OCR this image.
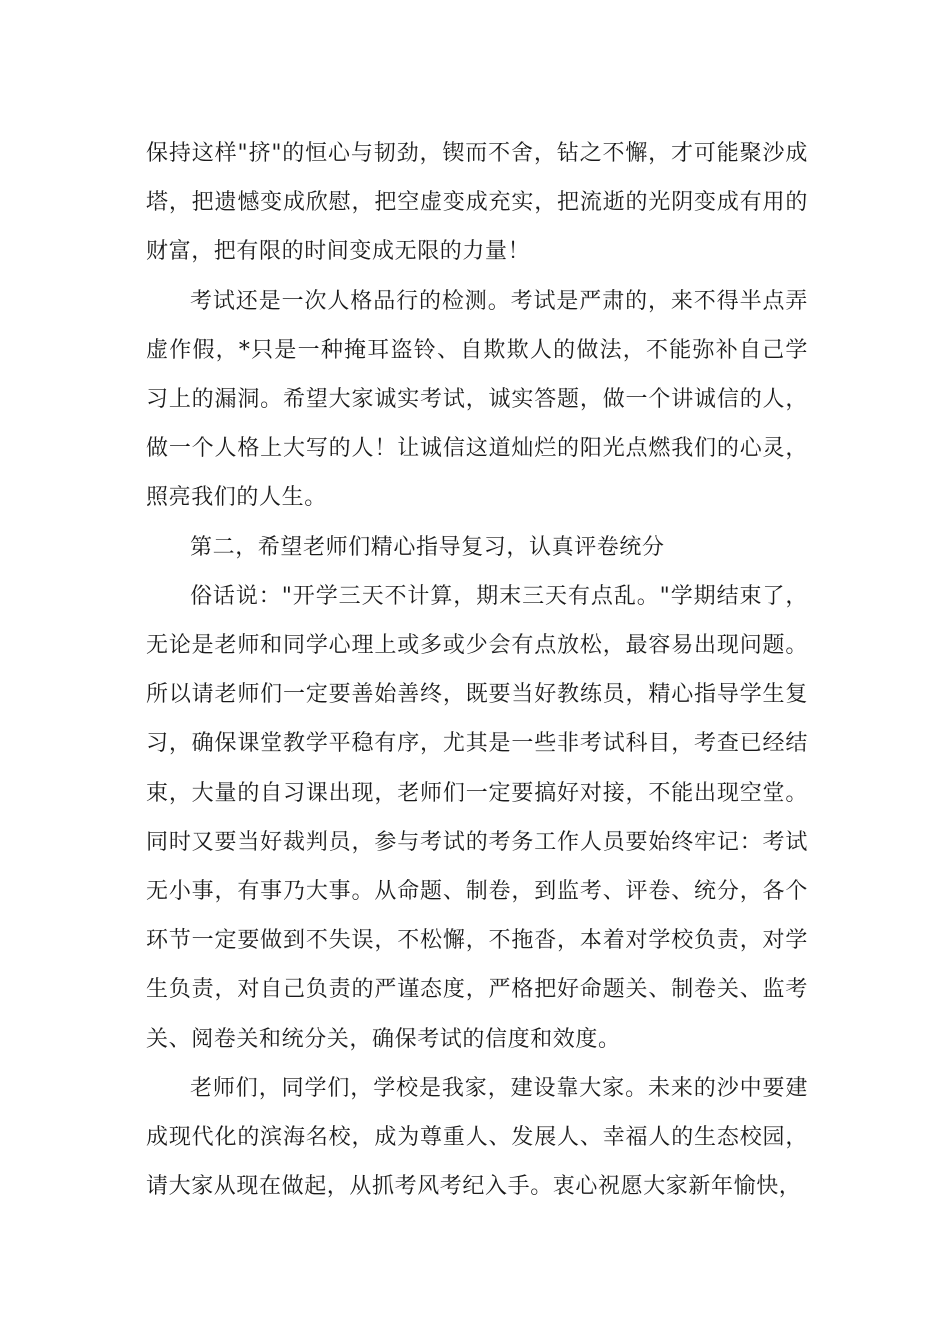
保持这样"挤"的恒心与韧劲，锲而不舍，钻之不懈，才可能聚沙成塔，把遗憾变成欣慰，把空虚变成充实，把流逝的光阴变成有用的财富，把有限的时间变成无限的力量！

考试还是一次人格品行的检测。考试是严肃的，来不得半点弄虚作假，*只是一种掩耳盗铃、自欺欺人的做法，不能弥补自己学习上的漏洞。希望大家诚实考试，诚实答题，做一个讲诚信的人，做一个人格上大写的人！让诚信这道灿烂的阳光点燃我们的心灵，照亮我们的人生。

第二，希望老师们精心指导复习，认真评卷统分

俗话说："开学三天不计算，期末三天有点乱。"学期结束了，无论是老师和同学心理上或多或少会有点放松，最容易出现问题。所以请老师们一定要善始善终，既要当好教练员，精心指导学生复习，确保课堂教学平稳有序，尤其是一些非考试科目，考查已经结束，大量的自习课出现，老师们一定要搞好对接，不能出现空堂。同时又要当好裁判员，参与考试的考务工作人员要始终牢记：考试无小事，有事乃大事。从命题、制卷，到监考、评卷、统分，各个环节一定要做到不失误，不松懈，不拖沓，本着对学校负责，对学生负责，对自己负责的严谨态度，严格把好命题关、制卷关、监考关、阅卷关和统分关，确保考试的信度和效度。

老师们，同学们，学校是我家，建设靠大家。未来的沙中要建成现代化的滨海名校，成为尊重人、发展人、幸福人的生态校园，请大家从现在做起，从抓考风考纪入手。衷心祝愿大家新年愉快，
